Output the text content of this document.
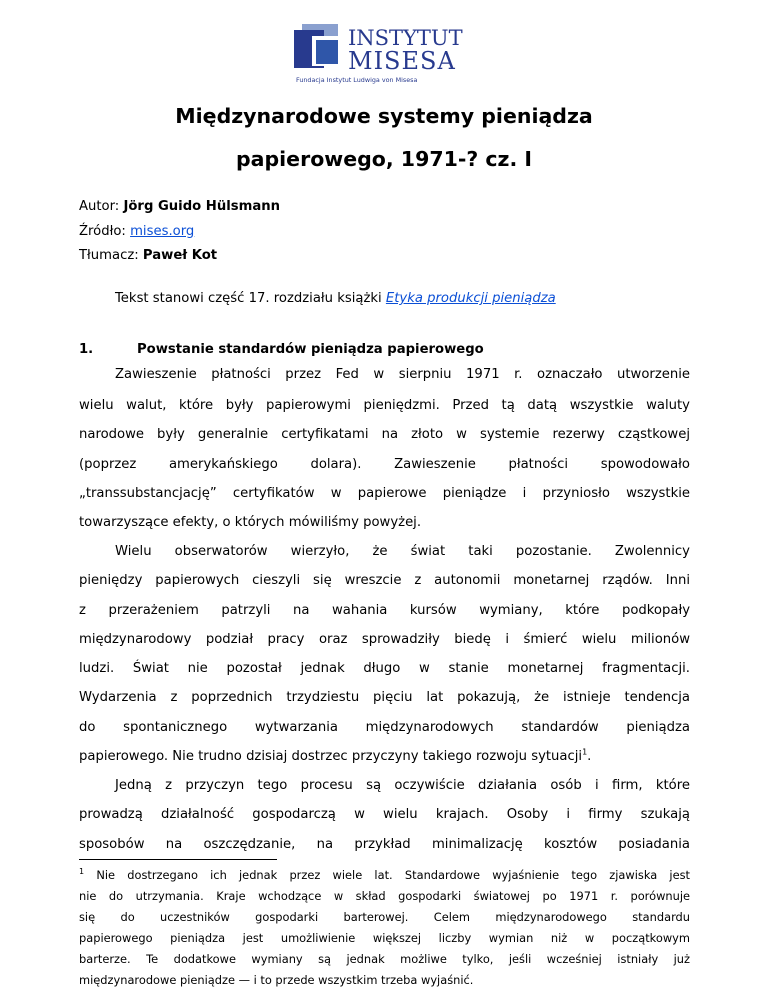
INSTYTUT
MISESA
Fundacja Instytut Ludwiga von Misesa
Międzynarodowe systemy pieniądza
papierowego, 1971-? cz. I
Autor: Jörg Guido Hülsmann
Źródło: mises.org
Tłumacz: Paweł Kot
Tekst stanowi część 17. rozdziału książki Etyka produkcji pieniądza
1.	Powstanie standardów pieniądza papierowego
Zawieszenie płatności przez Fed w sierpniu 1971 r. oznaczało utworzenie
wielu walut, które były papierowymi pieniędzmi. Przed tą datą wszystkie waluty
narodowe były generalnie certyfikatami na złoto w systemie rezerwy cząstkowej
(poprzez amerykańskiego dolara). Zawieszenie płatności spowodowało
„transsubstancjację” certyfikatów w papierowe pieniądze i przyniosło wszystkie
towarzyszące efekty, o których mówiliśmy powyżej.
Wielu obserwatorów wierzyło, że świat taki pozostanie. Zwolennicy
pieniędzy papierowych cieszyli się wreszcie z autonomii monetarnej rządów. Inni
z przerażeniem patrzyli na wahania kursów wymiany, które podkopały
międzynarodowy podział pracy oraz sprowadziły biedę i śmierć wielu milionów
ludzi. Świat nie pozostał jednak długo w stanie monetarnej fragmentacji.
Wydarzenia z poprzednich trzydziestu pięciu lat pokazują, że istnieje tendencja
do spontanicznego wytwarzania międzynarodowych standardów pieniądza
papierowego. Nie trudno dzisiaj dostrzec przyczyny takiego rozwoju sytuacji$^1$.
Jedną z przyczyn tego procesu są oczywiście działania osób i firm, które
prowadzą działalność gospodarczą w wielu krajach. Osoby i firmy szukają
sposobów na oszczędzanie, na przykład minimalizację kosztów posiadania
$^1$ Nie dostrzegano ich jednak przez wiele lat. Standardowe wyjaśnienie tego zjawiska jest
nie do utrzymania. Kraje wchodzące w skład gospodarki światowej po 1971 r. porównuje
się do uczestników gospodarki barterowej. Celem międzynarodowego standardu
papierowego pieniądza jest umożliwienie większej liczby wymian niż w początkowym
barterze. Te dodatkowe wymiany są jednak możliwe tylko, jeśli wcześniej istniały już
międzynarodowe pieniądze — i to przede wszystkim trzeba wyjaśnić.
